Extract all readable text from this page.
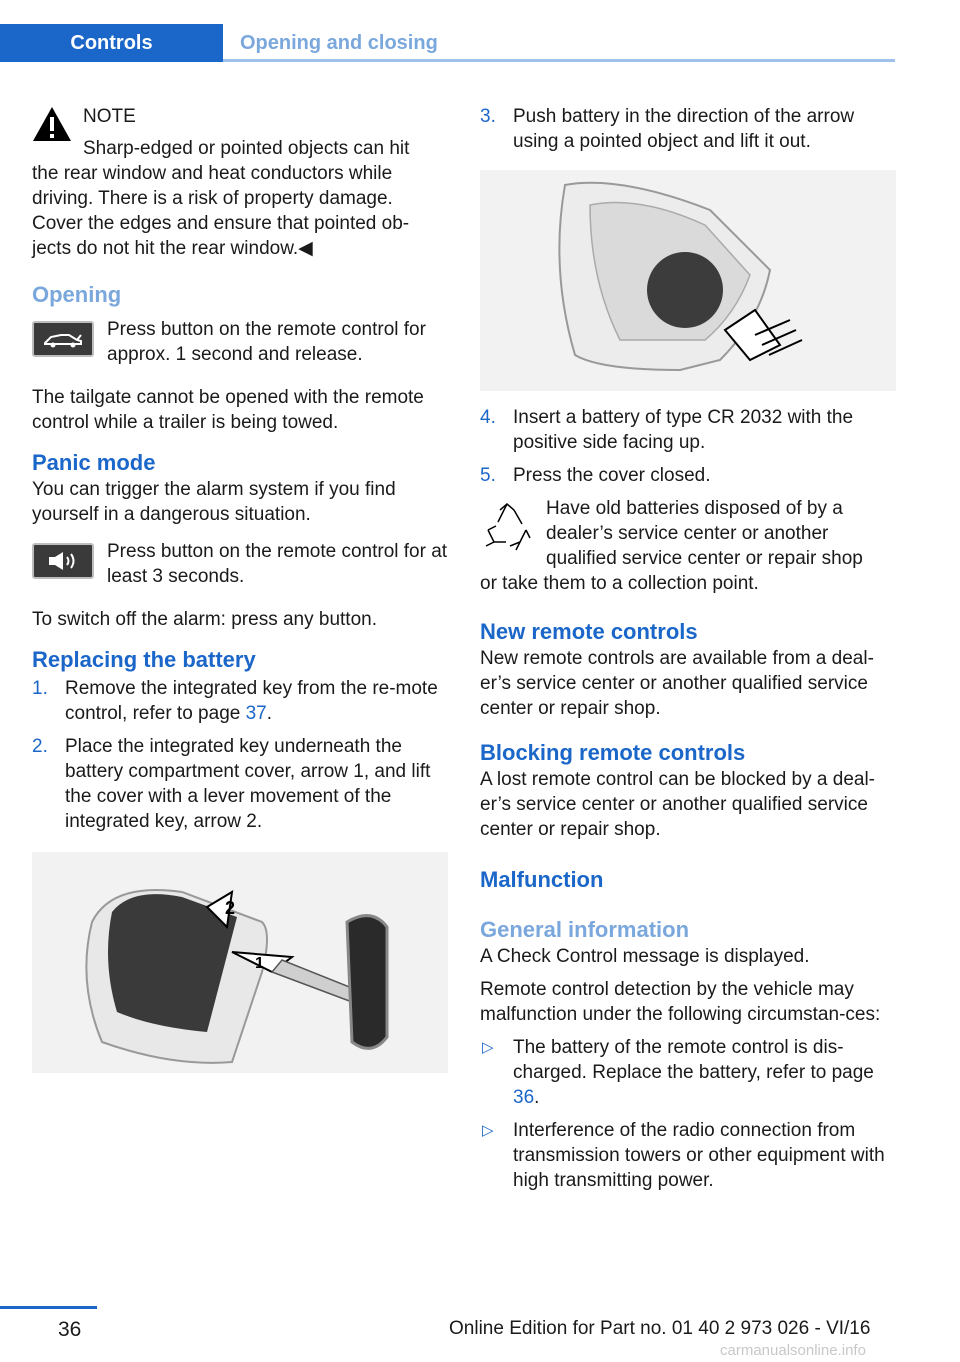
Controls	Opening and closing

NOTE

Sharp-edged or pointed objects can hit

the rear window and heat conductors while driving. There is a risk of property damage. Cover the edges and ensure that pointed ob-jects do not hit the rear window.◀

Opening

Press button on the remote control for approx. 1 second and release.

The tailgate cannot be opened with the remote control while a trailer is being towed.

Panic mode

You can trigger the alarm system if you find yourself in a dangerous situation.

Press button on the remote control for at least 3 seconds.

To switch off the alarm: press any button.

Replacing the battery
1. Remove the integrated key from the re-mote control, refer to page 37.
2. Place the integrated key underneath the battery compartment cover, arrow 1, and lift the cover with a lever movement of the integrated key, arrow 2.
2
1
3. Push battery in the direction of the arrow using a pointed object and lift it out.
4. Insert a battery of type CR 2032 with the positive side facing up.
5. Press the cover closed.

Have old batteries disposed of by a dealer’s service center or another qualified service center or repair shop

or take them to a collection point.

New remote controls

New remote controls are available from a deal-er’s service center or another qualified service center or repair shop.

Blocking remote controls

A lost remote control can be blocked by a deal-er’s service center or another qualified service center or repair shop.

Malfunction
General information

A Check Control message is displayed.

Remote control detection by the vehicle may malfunction under the following circumstan-ces:

▷ The battery of the remote control is dis-charged. Replace the battery, refer to page 36.
▷ Interference of the radio connection from transmission towers or other equipment with high transmitting power.
36	Online Edition for Part no. 01 40 2 973 026 - VI/16
carmanualsonline.info
